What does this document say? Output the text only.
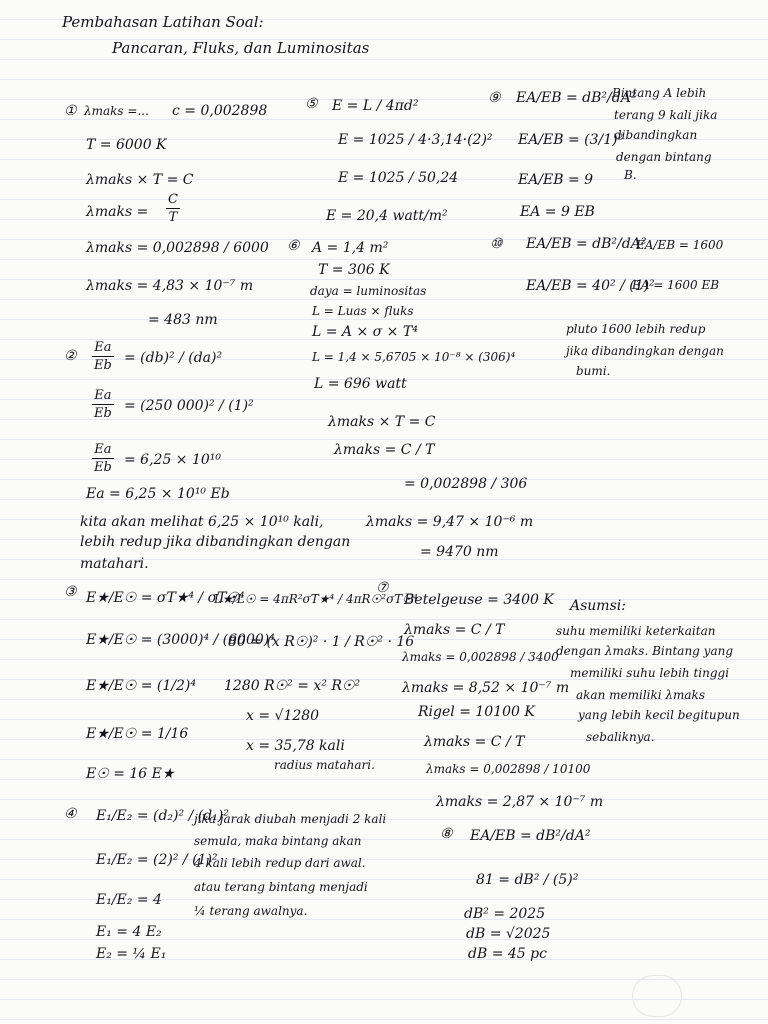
Pembahasan Latihan Soal:
Pancaran, Fluks, dan Luminositas
① λmaks =... c = 0,002898
T = 6000 K
λmaks × T = C
λmaks = $\frac{C}{T}$
λmaks = 0,002898 / 6000
λmaks = 4,83 × 10⁻⁷ m
= 483 nm
② $\frac{Ea}{Eb} = (db)^2 / (da)^2$
$\frac{Ea}{Eb} = (250$ 000)² / (1)²
$\frac{Ea}{Eb} = 6,25 \times 10^{10}$
Ea = 6,25 × 10¹⁰ Eb
kita akan melihat 6,25 × 10¹⁰ kali,
lebih redup jika dibandingkan dengan
matahari.
③ E★/E☉ = σT★⁴ / σT☉⁴
E★/E☉ = (3000)⁴ / (6000)⁴
E★/E☉ = (1/2)⁴
E★/E☉ = 1/16
E☉ = 16 E★
L★/L☉ = 4πR²σT★⁴ / 4πR☉²σT☉⁴
80 = (x R☉)² · 1 / R☉² · 16
1280 R☉² = x² R☉²
x = √1280
x = 35,78 kali
radius matahari.
④ E₁/E₂ = (d₂)² / (d₁)²
E₁/E₂ = (2)² / (1)²
E₁/E₂ = 4
E₁ = 4 E₂
E₂ = ¼ E₁
jika jarak diubah menjadi 2 kali
semula, maka bintang akan
4 kali lebih redup dari awal.
atau terang bintang menjadi
¼ terang awalnya.
⑤ E = L / 4πd²
E = 1025 / 4·3,14·(2)²
E = 1025 / 50,24
E = 20,4 watt/m²
⑥ A = 1,4 m²
T = 306 K
daya = luminositas
L = Luas × fluks
L = A × σ × T⁴
L = 1,4 × 5,6705 × 10⁻⁸ × (306)⁴
L = 696 watt
λmaks × T = C
λmaks = C / T
= 0,002898 / 306
λmaks = 9,47 × 10⁻⁶ m
= 9470 nm
⑦
Betelgeuse = 3400 K
λmaks = C / T
λmaks = 0,002898 / 3400
λmaks = 8,52 × 10⁻⁷ m
Rigel = 10100 K
λmaks = C / T
λmaks = 0,002898 / 10100
λmaks = 2,87 × 10⁻⁷ m
Asumsi:
suhu memiliki keterkaitan
dengan λmaks. Bintang yang
memiliki suhu lebih tinggi
akan memiliki λmaks
yang lebih kecil begitupun
sebaliknya.
⑧ EA/EB = dB²/dA²
81 = dB² / (5)²
dB² = 2025
dB = √2025
dB = 45 pc
⑨ EA/EB = dB²/dA²
EA/EB = (3/1)²
EA/EB = 9
EA = 9 EB
Bintang A lebih
terang 9 kali jika
dibandingkan
dengan bintang
B.
⑩ EA/EB = dB²/dA²
EA/EB = 40² / (1)²
EA/EB = 1600
EA = 1600 EB
pluto 1600 lebih redup
jika dibandingkan dengan
bumi.
